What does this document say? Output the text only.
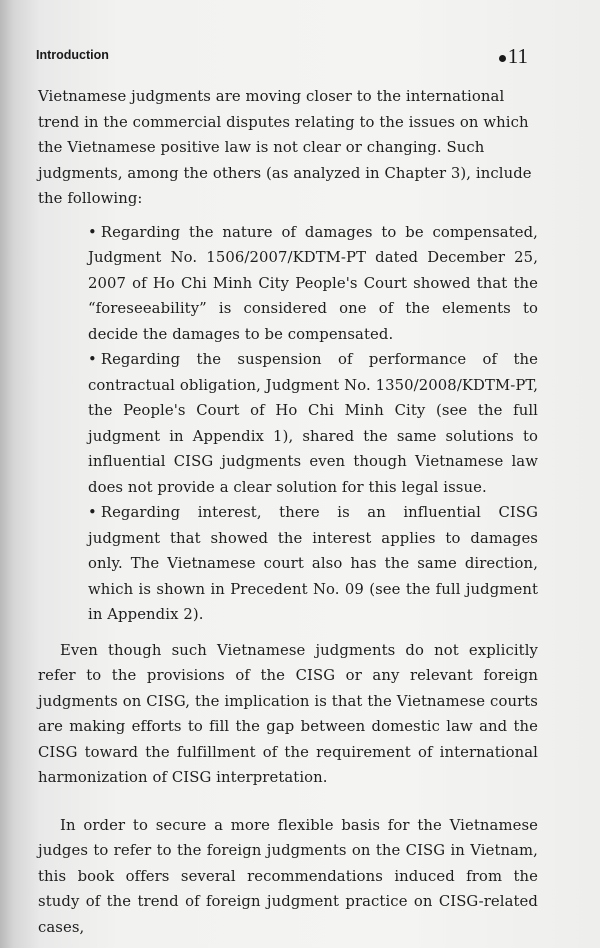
Introduction	11

Vietnamese judgments are moving closer to the international trend in the commercial disputes relating to the issues on which the Vietnamese positive law is not clear or changing. Such judgments, among the others (as analyzed in Chapter 3), include the following:

• Regarding the nature of damages to be compensated, Judgment No. 1506/2007/KDTM-PT dated December 25, 2007 of Ho Chi Minh City People's Court showed that the “foreseeability” is considered one of the elements to decide the damages to be compensated.

• Regarding the suspension of performance of the contractual obligation, Judgment No. 1350/2008/KDTM-PT, the People's Court of Ho Chi Minh City (see the full judgment in Appendix 1), shared the same solutions to influential CISG judgments even though Vietnamese law does not provide a clear solution for this legal issue.

• Regarding interest, there is an influential CISG judgment that showed the interest applies to damages only. The Vietnamese court also has the same direction, which is shown in Precedent No. 09 (see the full judgment in Appendix 2).

Even though such Vietnamese judgments do not explicitly refer to the provisions of the CISG or any relevant foreign judgments on CISG, the implication is that the Vietnamese courts are making efforts to fill the gap between domestic law and the CISG toward the fulfillment of the requirement of international harmonization of CISG interpretation.

In order to secure a more flexible basis for the Vietnamese judges to refer to the foreign judgments on the CISG in Vietnam, this book offers several recommendations induced from the study of the trend of foreign judgment practice on CISG-related cases,
